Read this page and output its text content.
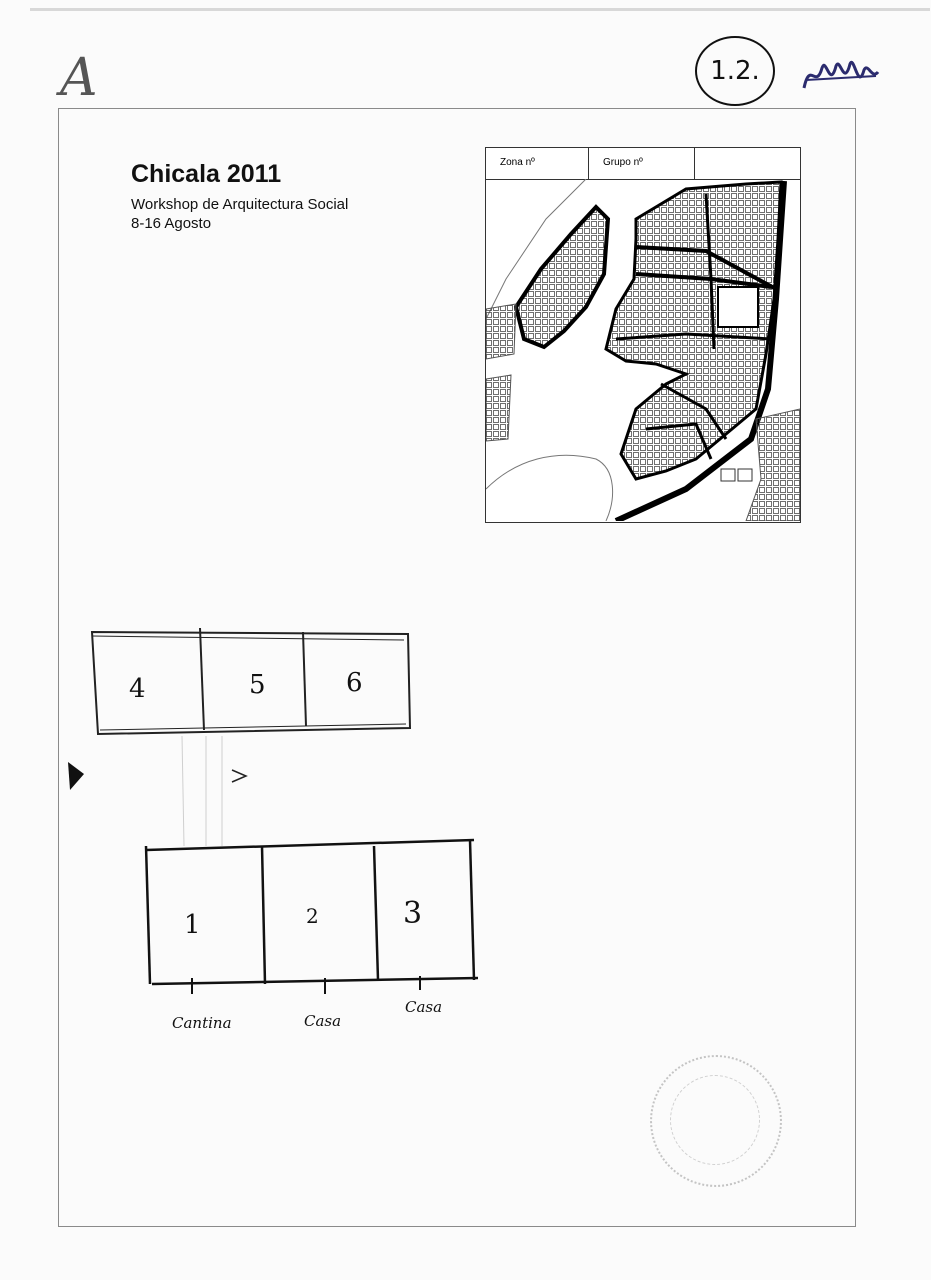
A	1.2.
Chicala 2011

Workshop de Arquitectura Social

8-16 Agosto

Zona nº	Grupo nº
4	5	6
1	2	3
Cantina	Casa
Casa
